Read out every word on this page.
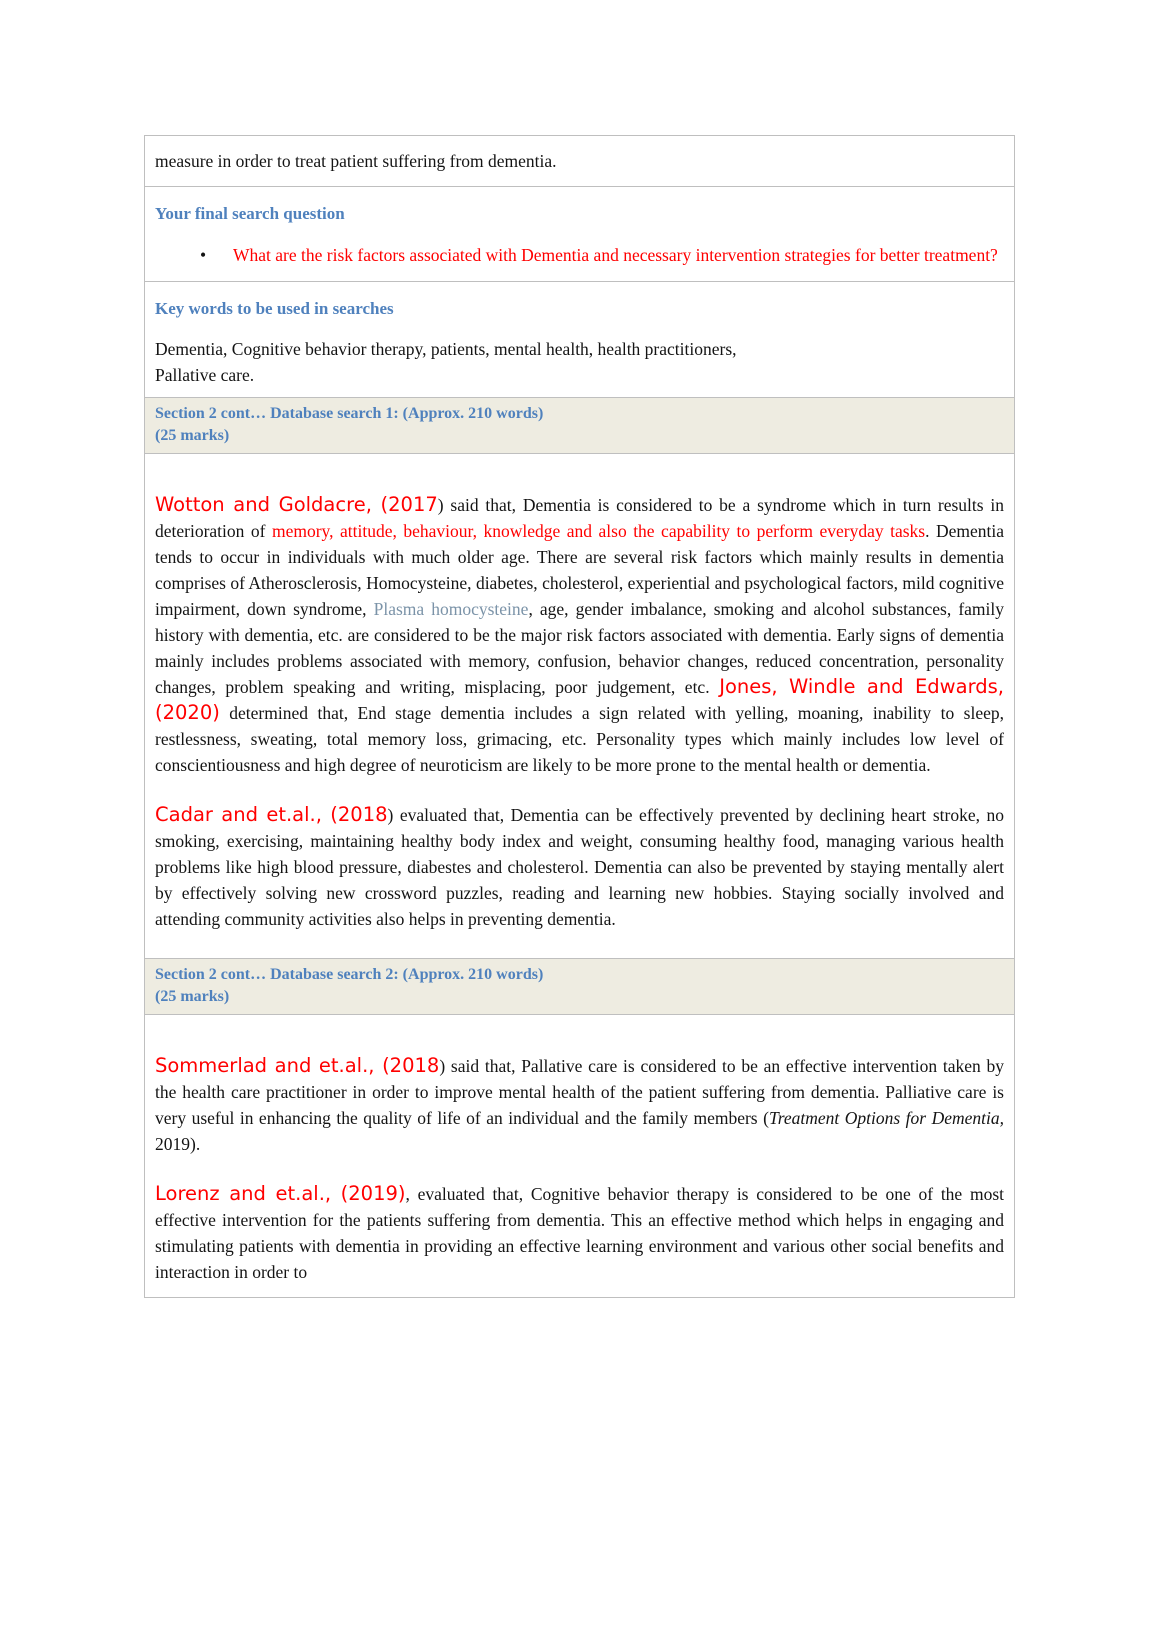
measure in order to treat patient suffering from dementia.
Your final search question
•	What are the risk factors associated with Dementia and necessary intervention strategies for better treatment?
Key words to be used in searches
Dementia, Cognitive behavior therapy, patients, mental health, health practitioners,
Pallative care.
Section 2 cont… Database search 1: (Approx. 210 words)
(25 marks)

Wotton and Goldacre, (2017) said that, Dementia is considered to be a syndrome which in turn results in deterioration of memory, attitude, behaviour, knowledge and also the capability to perform everyday tasks. Dementia tends to occur in individuals with much older age. There are several risk factors which mainly results in dementia comprises of Atherosclerosis, Homocysteine, diabetes, cholesterol, experiential and psychological factors, mild cognitive impairment, down syndrome, Plasma homocysteine, age, gender imbalance, smoking and alcohol substances, family history with dementia, etc. are considered to be the major risk factors associated with dementia. Early signs of dementia mainly includes problems associated with memory, confusion, behavior changes, reduced concentration, personality changes, problem speaking and writing, misplacing, poor judgement, etc. Jones, Windle and Edwards, (2020) determined that, End stage dementia includes a sign related with yelling, moaning, inability to sleep, restlessness, sweating, total memory loss, grimacing, etc. Personality types which mainly includes low level of conscientiousness and high degree of neuroticism are likely to be more prone to the mental health or dementia.

Cadar and et.al., (2018) evaluated that, Dementia can be effectively prevented by declining heart stroke, no smoking, exercising, maintaining healthy body index and weight, consuming healthy food, managing various health problems like high blood pressure, diabestes and cholesterol. Dementia can also be prevented by staying mentally alert by effectively solving new crossword puzzles, reading and learning new hobbies. Staying socially involved and attending community activities also helps in preventing dementia.

Section 2 cont… Database search 2: (Approx. 210 words)
(25 marks)

Sommerlad and et.al., (2018) said that, Pallative care is considered to be an effective intervention taken by the health care practitioner in order to improve mental health of the patient suffering from dementia. Palliative care is very useful in enhancing the quality of life of an individual and the family members (Treatment Options for Dementia, 2019).

Lorenz and et.al., (2019), evaluated that, Cognitive behavior therapy is considered to be one of the most effective intervention for the patients suffering from dementia. This an effective method which helps in engaging and stimulating patients with dementia in providing an effective learning environment and various other social benefits and interaction in order to
